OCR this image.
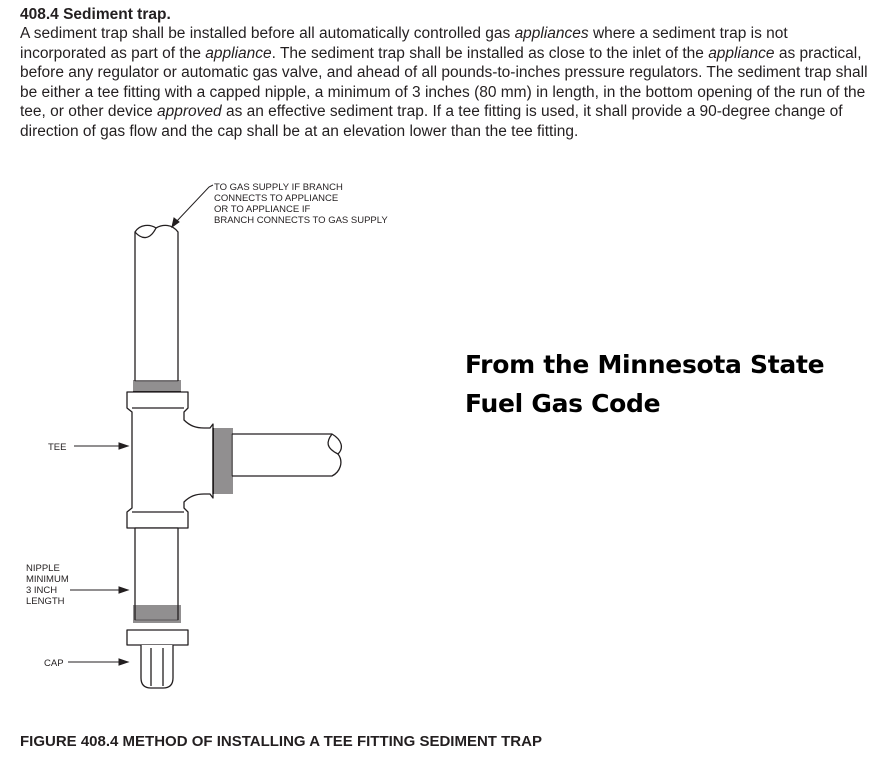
408.4 Sediment trap.
A sediment trap shall be installed before all automatically controlled gas appliances where a sediment trap is not incorporated as part of the appliance. The sediment trap shall be installed as close to the inlet of the appliance as practical, before any regulator or automatic gas valve, and ahead of all pounds-to-inches pressure regulators. The sediment trap shall be either a tee fitting with a capped nipple, a minimum of 3 inches (80 mm) in length, in the bottom opening of the run of the tee, or other device approved as an effective sediment trap. If a tee fitting is used, it shall provide a 90-degree change of direction of gas flow and the cap shall be at an elevation lower than the tee fitting.
TO GAS SUPPLY IF BRANCH CONNECTS TO APPLIANCE OR TO APPLIANCE IF BRANCH CONNECTS TO GAS SUPPLY
TEE
NIPPLE MINIMUM 3 INCH LENGTH
CAP
From the Minnesota State
Fuel Gas Code
FIGURE 408.4 METHOD OF INSTALLING A TEE FITTING SEDIMENT TRAP
